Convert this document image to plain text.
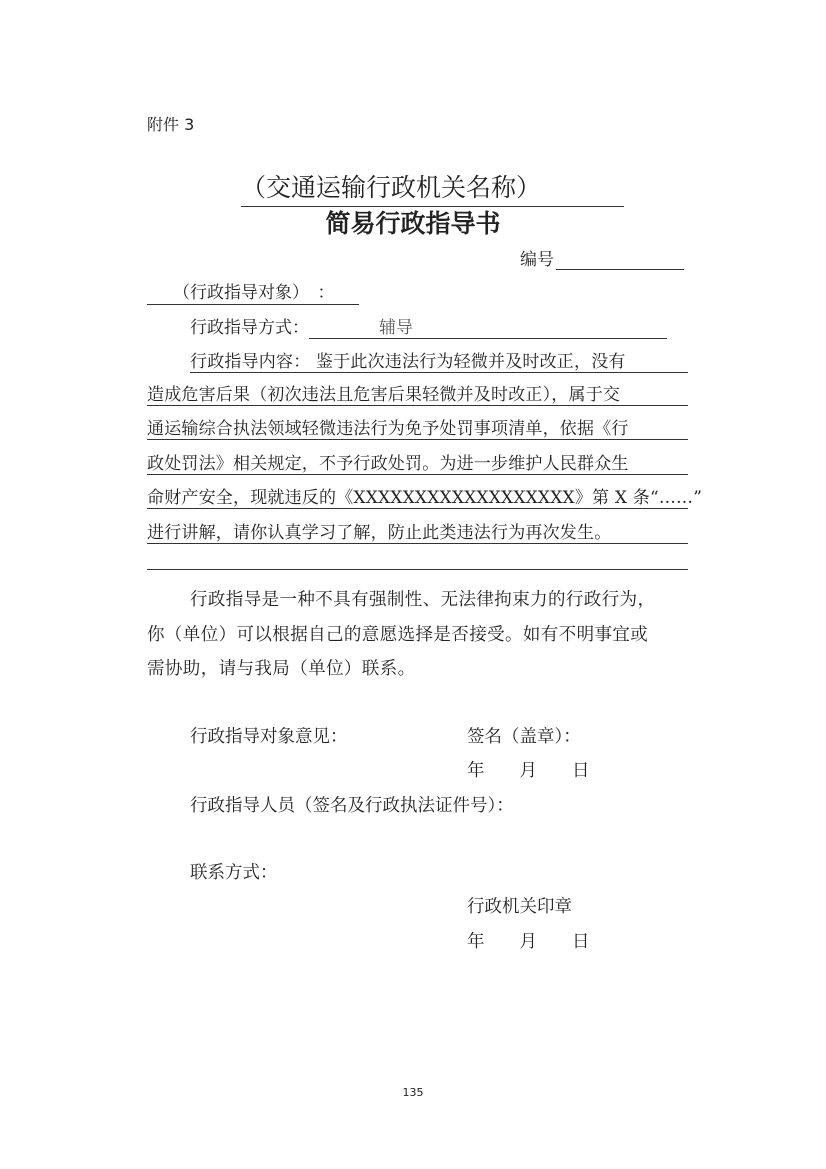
附件 3
（交通运输行政机关名称）
简易行政指导书
编号
（行政指导对象）　：
行政指导方式：	辅导
行政指导内容： 鉴于此次违法行为轻微并及时改正，没有
造成危害后果（初次违法且危害后果轻微并及时改正），属于交
通运输综合执法领域轻微违法行为免予处罚事项清单，依据《行
政处罚法》相关规定，不予行政处罚。为进一步维护人民群众生
命财产安全，现就违反的《XXXXXXXXXXXXXXXXXX》第 X 条“……”
进行讲解，请你认真学习了解，防止此类违法行为再次发生。
行政指导是一种不具有强制性、无法律拘束力的行政行为，
你（单位）可以根据自己的意愿选择是否接受。如有不明事宜或
需协助，请与我局（单位）联系。
行政指导对象意见：	签名（盖章）：
年　　月　　日
行政指导人员（签名及行政执法证件号）：
联系方式：
行政机关印章
年　　月　　日
135
